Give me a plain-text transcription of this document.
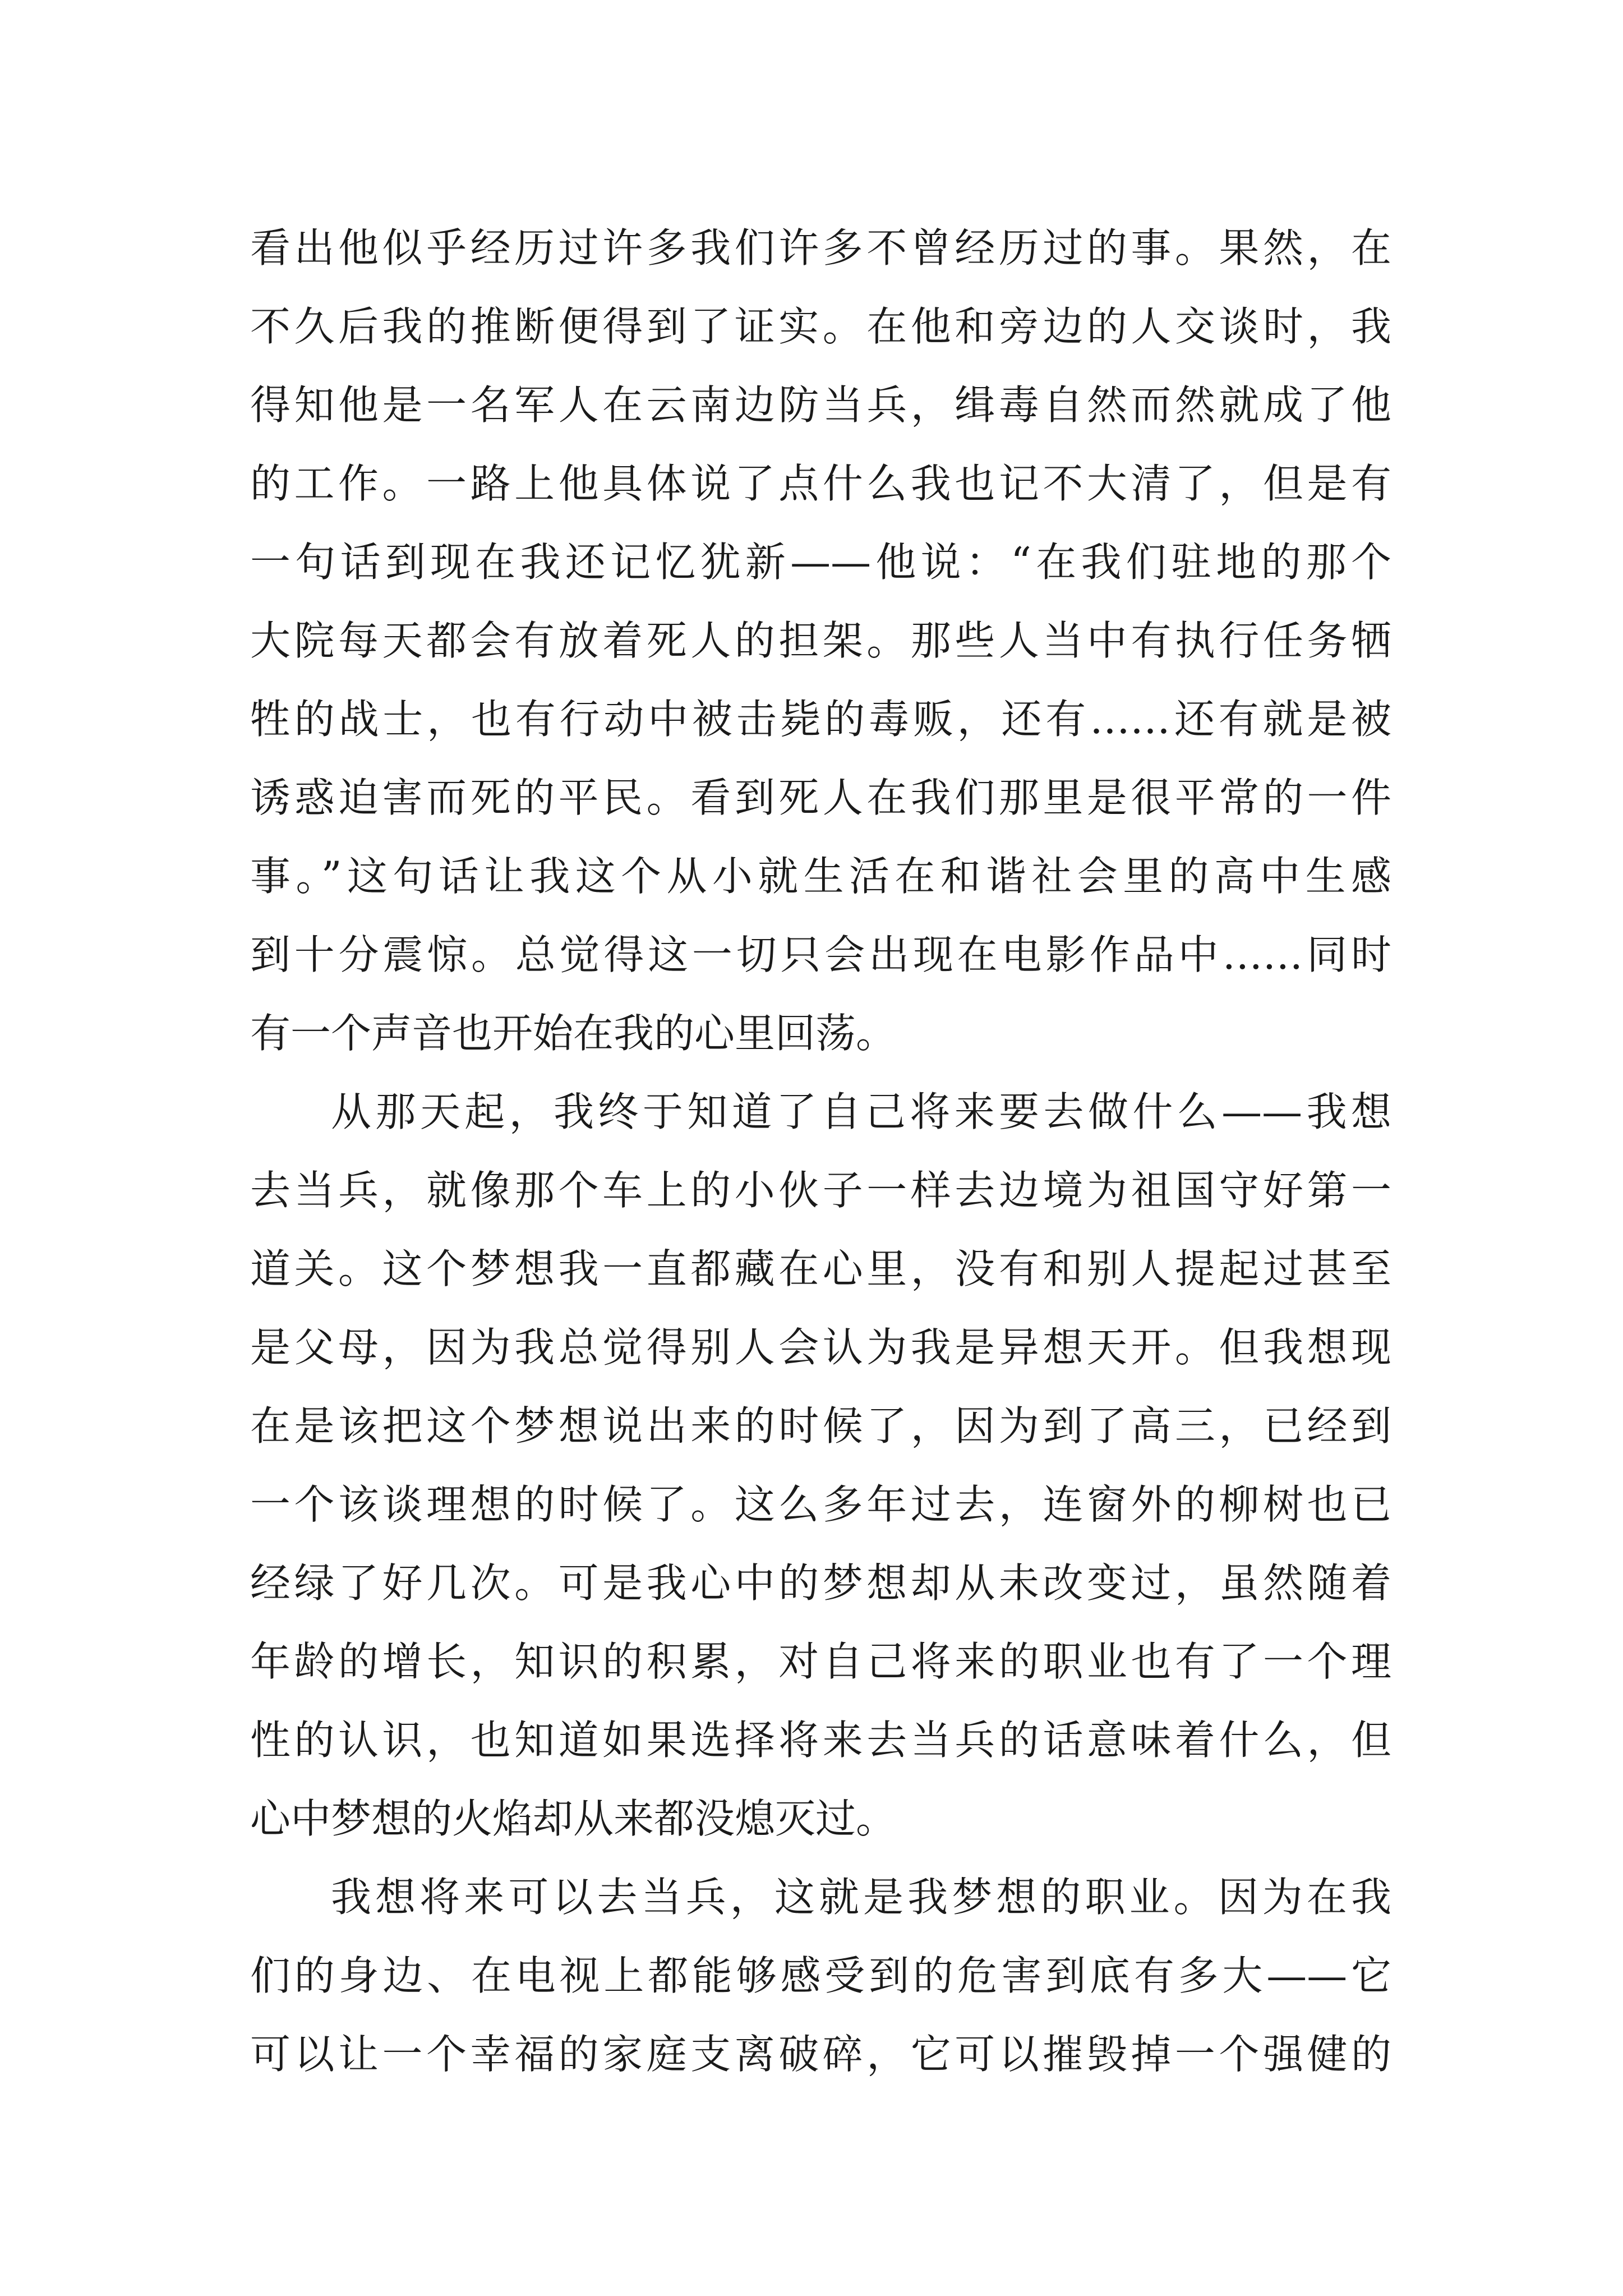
看出他似乎经历过许多我们许多不曾经历过的事。果然，在
不久后我的推断便得到了证实。在他和旁边的人交谈时，我
得知他是一名军人在云南边防当兵，缉毒自然而然就成了他
的工作。一路上他具体说了点什么我也记不大清了，但是有
一句话到现在我还记忆犹新——他说：“在我们驻地的那个
大院每天都会有放着死人的担架。那些人当中有执行任务牺
牲的战士，也有行动中被击毙的毒贩，还有……还有就是被
诱惑迫害而死的平民。看到死人在我们那里是很平常的一件
事。”这句话让我这个从小就生活在和谐社会里的高中生感
到十分震惊。总觉得这一切只会出现在电影作品中……同时
有一个声音也开始在我的心里回荡。
从那天起，我终于知道了自己将来要去做什么——我想
去当兵，就像那个车上的小伙子一样去边境为祖国守好第一
道关。这个梦想我一直都藏在心里，没有和别人提起过甚至
是父母，因为我总觉得别人会认为我是异想天开。但我想现
在是该把这个梦想说出来的时候了，因为到了高三，已经到
一个该谈理想的时候了。这么多年过去，连窗外的柳树也已
经绿了好几次。可是我心中的梦想却从未改变过，虽然随着
年龄的增长，知识的积累，对自己将来的职业也有了一个理
性的认识，也知道如果选择将来去当兵的话意味着什么，但
心中梦想的火焰却从来都没熄灭过。
我想将来可以去当兵，这就是我梦想的职业。因为在我
们的身边、在电视上都能够感受到的危害到底有多大——它
可以让一个幸福的家庭支离破碎，它可以摧毁掉一个强健的
